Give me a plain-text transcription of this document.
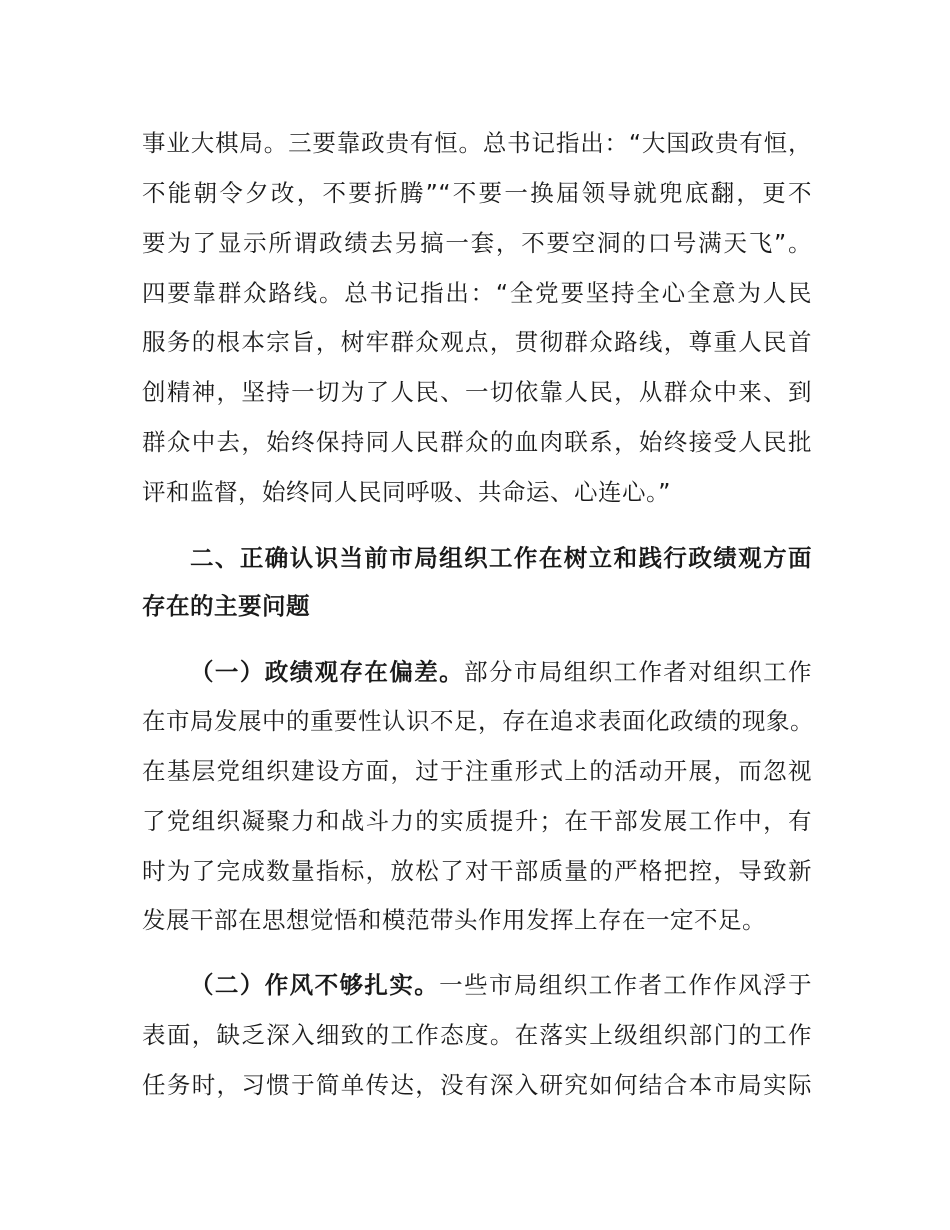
事业大棋局。三要靠政贵有恒。总书记指出：“大国政贵有恒，
不能朝令夕改，不要折腾”“不要一换届领导就兜底翻，更不
要为了显示所谓政绩去另搞一套，不要空洞的口号满天飞”。
四要靠群众路线。总书记指出：“全党要坚持全心全意为人民
服务的根本宗旨，树牢群众观点，贯彻群众路线，尊重人民首
创精神，坚持一切为了人民、一切依靠人民，从群众中来、到
群众中去，始终保持同人民群众的血肉联系，始终接受人民批
评和监督，始终同人民同呼吸、共命运、心连心。”
二、正确认识当前市局组织工作在树立和践行政绩观方面
存在的主要问题
（一）政绩观存在偏差。部分市局组织工作者对组织工作
在市局发展中的重要性认识不足，存在追求表面化政绩的现象。
在基层党组织建设方面，过于注重形式上的活动开展，而忽视
了党组织凝聚力和战斗力的实质提升；在干部发展工作中，有
时为了完成数量指标，放松了对干部质量的严格把控，导致新
发展干部在思想觉悟和模范带头作用发挥上存在一定不足。
（二）作风不够扎实。一些市局组织工作者工作作风浮于
表面，缺乏深入细致的工作态度。在落实上级组织部门的工作
任务时，习惯于简单传达，没有深入研究如何结合本市局实际
